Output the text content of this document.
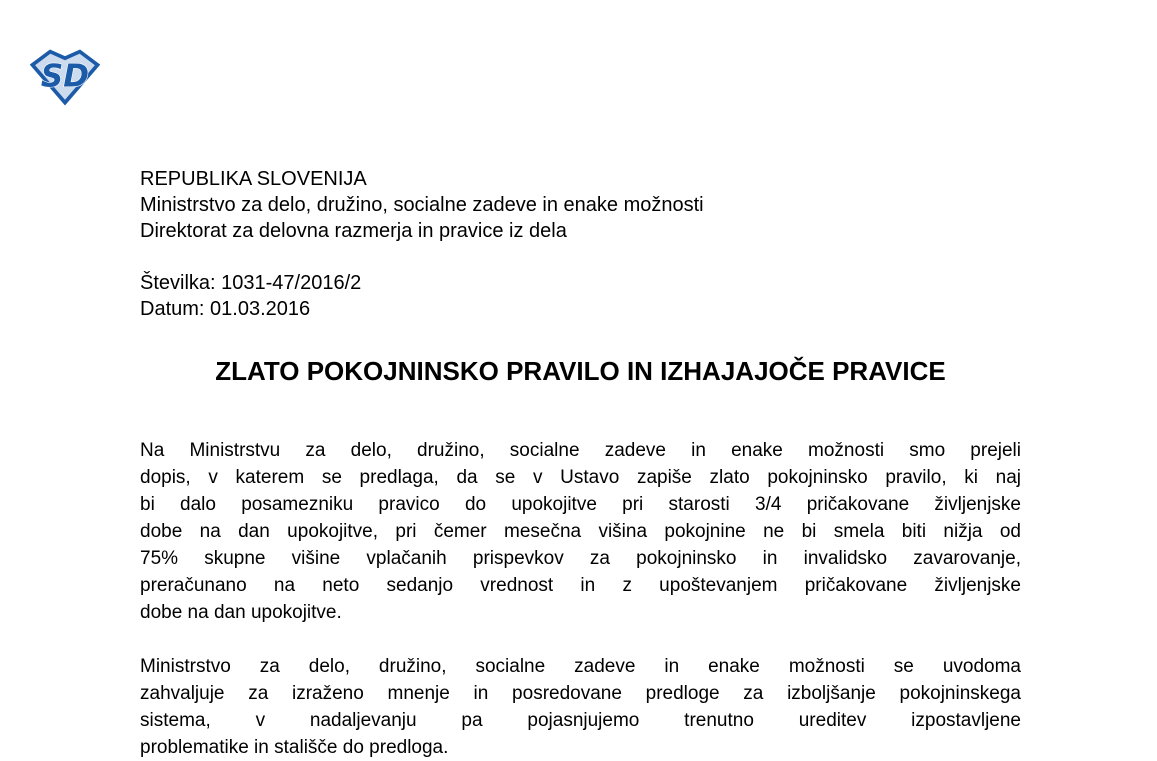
SD
REPUBLIKA SLOVENIJA
Ministrstvo za delo, družino, socialne zadeve in enake možnosti
Direktorat za delovna razmerja in pravice iz dela
Številka: 1031-47/2016/2
Datum: 01.03.2016
ZLATO POKOJNINSKO PRAVILO IN IZHAJAJOČE PRAVICE
Na Ministrstvu za delo, družino, socialne zadeve in enake možnosti smo prejeli
dopis, v katerem se predlaga, da se v Ustavo zapiše zlato pokojninsko pravilo, ki naj
bi dalo posamezniku pravico do upokojitve pri starosti 3/4 pričakovane življenjske
dobe na dan upokojitve, pri čemer mesečna višina pokojnine ne bi smela biti nižja od
75% skupne višine vplačanih prispevkov za pokojninsko in invalidsko zavarovanje,
preračunano na neto sedanjo vrednost in z upoštevanjem pričakovane življenjske
dobe na dan upokojitve.
Ministrstvo za delo, družino, socialne zadeve in enake možnosti se uvodoma
zahvaljuje za izraženo mnenje in posredovane predloge za izboljšanje pokojninskega
sistema, v nadaljevanju pa pojasnjujemo trenutno ureditev izpostavljene
problematike in stališče do predloga.
